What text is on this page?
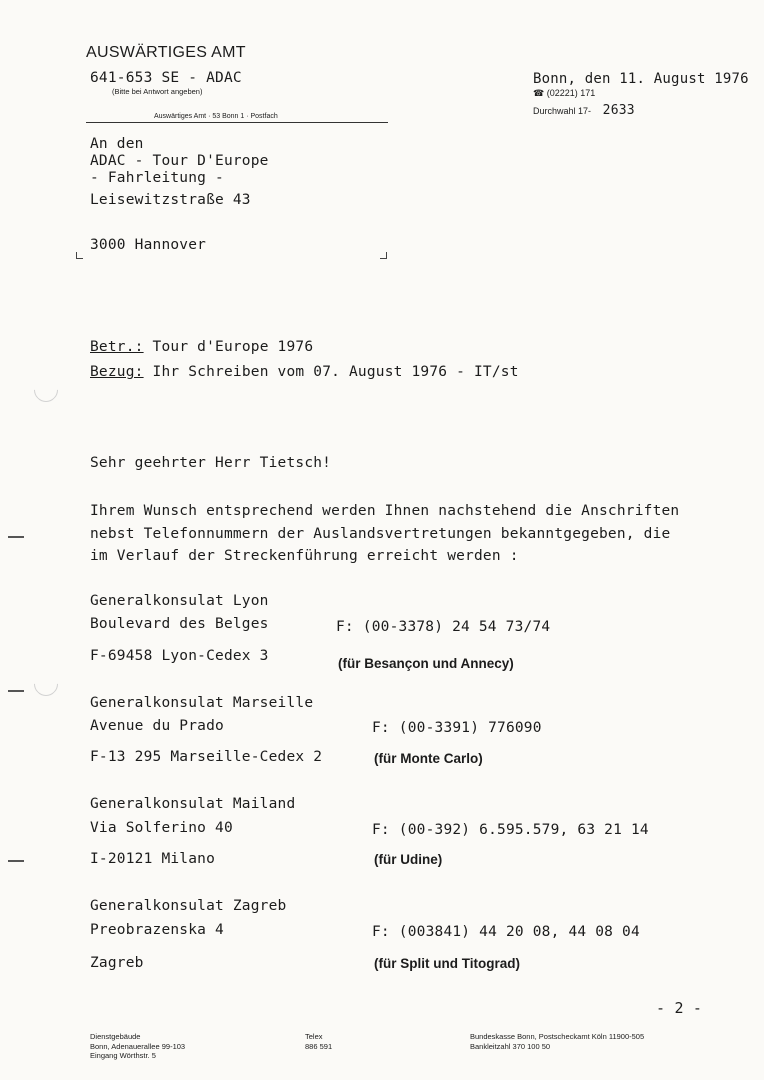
AUSWÄRTIGES AMT
641-653 SE - ADAC
(Bitte bei Antwort angeben)
Auswärtiges Amt · 53 Bonn 1 · Postfach
Bonn, den 11. August 1976
☎ (02221) 171
Durchwahl 17- 2633
An den
ADAC - Tour D'Europe
- Fahrleitung -
Leisewitzstraße 43
3000 Hannover
Betr.: Tour d'Europe 1976
Bezug: Ihr Schreiben vom 07. August 1976 - IT/st
Sehr geehrter Herr Tietsch!
Ihrem Wunsch entsprechend werden Ihnen nachstehend die Anschriften
nebst Telefonnummern der Auslandsvertretungen bekanntgegeben, die
im Verlauf der Streckenführung erreicht werden :
Generalkonsulat Lyon
Boulevard des Belges
F-69458 Lyon-Cedex 3
F: (00-3378) 24 54 73/74
(für Besançon und Annecy)
Generalkonsulat Marseille
Avenue du Prado
F-13 295 Marseille-Cedex 2
F: (00-3391) 776090
(für Monte Carlo)
Generalkonsulat Mailand
Via Solferino 40
I-20121 Milano
F: (00-392) 6.595.579, 63 21 14
(für Udine)
Generalkonsulat Zagreb
Preobrazenska 4
Zagreb
F: (003841) 44 20 08, 44 08 04
(für Split und Titograd)
- 2 -
Dienstgebäude
Bonn, Adenauerallee 99-103
Eingang Wörthstr. 5
Telex
886 591
Bundeskasse Bonn, Postscheckamt Köln 11900-505
Bankleitzahl 370 100 50
